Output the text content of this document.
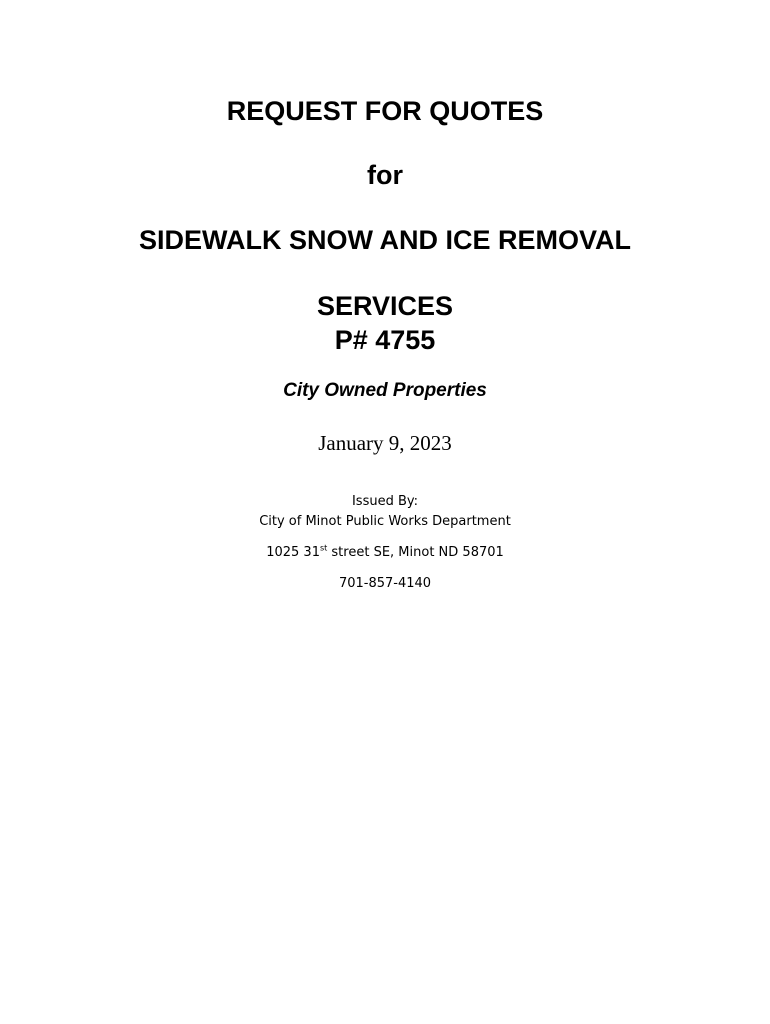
REQUEST FOR QUOTES
for
SIDEWALK SNOW AND ICE REMOVAL
SERVICES
P# 4755
City Owned Properties
January 9, 2023
Issued By:
City of Minot Public Works Department
1025 31st street SE, Minot ND 58701
701-857-4140
